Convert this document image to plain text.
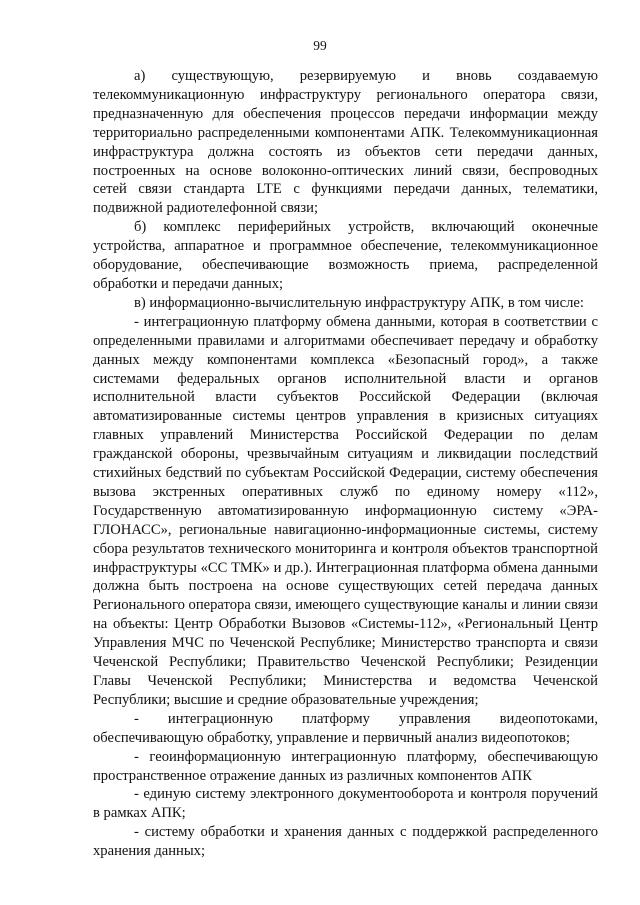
99

а) существующую, резервируемую и вновь создаваемую телекоммуникационную инфраструктуру регионального оператора связи, предназначенную для обеспечения процессов передачи информации между территориально распределенными компонентами АПК. Телекоммуникационная инфраструктура должна состоять из объектов сети передачи данных, построенных на основе волоконно-оптических линий связи, беспроводных сетей связи стандарта LTE с функциями передачи данных, телематики, подвижной радиотелефонной связи;

б) комплекс периферийных устройств, включающий оконечные устройства, аппаратное и программное обеспечение, телекоммуникационное оборудование, обеспечивающие возможность приема, распределенной обработки и передачи данных;

в) информационно-вычислительную инфраструктуру АПК, в том числе:

- интеграционную платформу обмена данными, которая в соответствии с определенными правилами и алгоритмами обеспечивает передачу и обработку данных между компонентами комплекса «Безопасный город», а также системами федеральных органов исполнительной власти и органов исполнительной власти субъектов Российской Федерации (включая автоматизированные системы центров управления в кризисных ситуациях главных управлений Министерства Российской Федерации по делам гражданской обороны, чрезвычайным ситуациям и ликвидации последствий стихийных бедствий по субъектам Российской Федерации, систему обеспечения вызова экстренных оперативных служб по единому номеру «112», Государственную автоматизированную информационную систему «ЭРА-ГЛОНАСС», региональные навигационно-информационные системы, систему сбора результатов технического мониторинга и контроля объектов транспортной инфраструктуры «СС ТМК» и др.). Интеграционная платформа обмена данными должна быть построена на основе существующих сетей передача данных Регионального оператора связи, имеющего существующие каналы и линии связи на объекты: Центр Обработки Вызовов «Системы-112», «Региональный Центр Управления МЧС по Чеченской Республике; Министерство транспорта и связи Чеченской Республики; Правительство Чеченской Республики; Резиденции Главы Чеченской Республики; Министерства и ведомства Чеченской Республики; высшие и средние образовательные учреждения;

- интеграционную платформу управления видеопотоками, обеспечивающую обработку, управление и первичный анализ видеопотоков;

- геоинформационную интеграционную платформу, обеспечивающую пространственное отражение данных из различных компонентов АПК

- единую систему электронного документооборота и контроля поручений в рамках АПК;

- систему обработки и хранения данных с поддержкой распределенного хранения данных;
